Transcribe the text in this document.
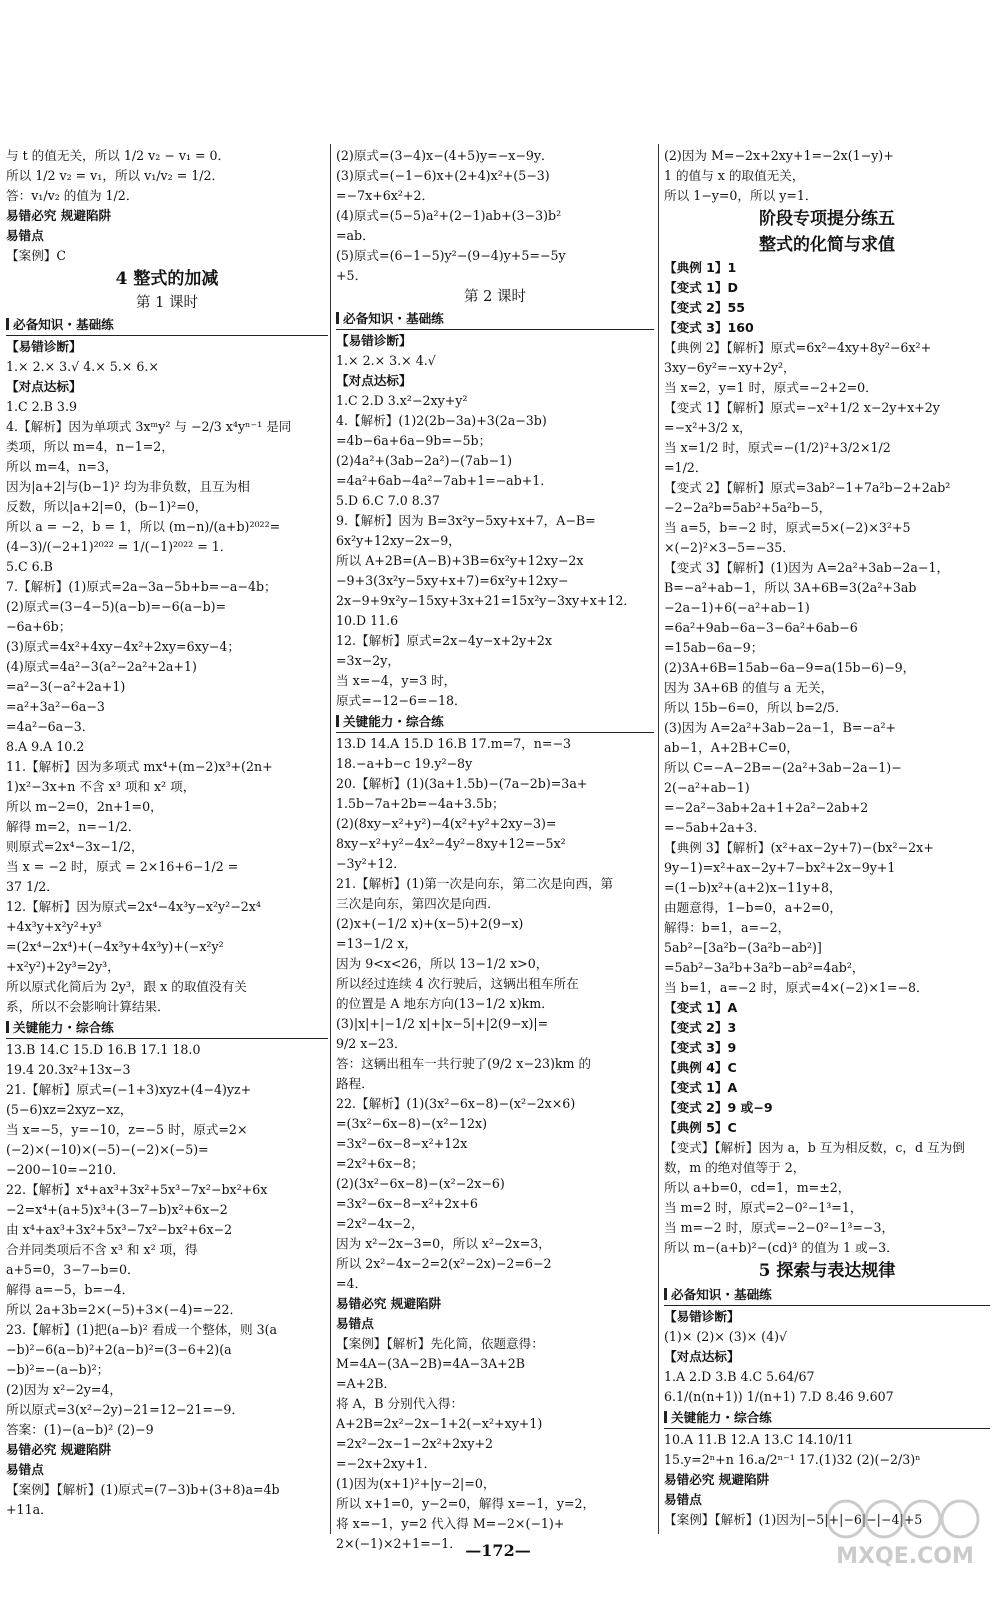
与 t 的值无关，所以 1/2 v₂ − v₁ = 0．
所以 1/2 v₂ = v₁，所以 v₁/v₂ = 1/2．
答：v₁/v₂ 的值为 1/2．
易错必究 规避陷阱
易错点
【案例】C
4 整式的加减
第 1 课时
必备知识・基础练
【易错诊断】
1.× 2.× 3.√ 4.× 5.× 6.×
【对点达标】
1.C 2.B 3.9
4.【解析】因为单项式 3xᵐy² 与 −2/3 x⁴yⁿ⁻¹ 是同
类项，所以 m=4，n−1=2，
所以 m=4，n=3，
因为|a+2|与(b−1)² 均为非负数，且互为相
反数，所以|a+2|=0，(b−1)²=0，
所以 a = −2，b = 1，所以 (m−n)/(a+b)²⁰²²=
(4−3)/(−2+1)²⁰²² = 1/(−1)²⁰²² = 1．
5.C 6.B
7.【解析】(1)原式=2a−3a−5b+b=−a−4b；
(2)原式=(3−4−5)(a−b)=−6(a−b)=
−6a+6b；
(3)原式=4x²+4xy−4x²+2xy=6xy−4；
(4)原式=4a²−3(a²−2a²+2a+1)
=a²−3(−a²+2a+1)
=a²+3a²−6a−3
=4a²−6a−3．
8.A 9.A 10.2
11.【解析】因为多项式 mx⁴+(m−2)x³+(2n+
1)x²−3x+n 不含 x³ 项和 x² 项，
所以 m−2=0，2n+1=0，
解得 m=2，n=−1/2．
则原式=2x⁴−3x−1/2，
当 x = −2 时，原式 = 2×16+6−1/2 =
37 1/2．
12.【解析】因为原式=2x⁴−4x³y−x²y²−2x⁴
+4x³y+x²y²+y³
=(2x⁴−2x⁴)+(−4x³y+4x³y)+(−x²y²
+x²y²)+2y³=2y³，
所以原式化简后为 2y³，跟 x 的取值没有关
系，所以不会影响计算结果．
关键能力・综合练
13.B 14.C 15.D 16.B 17.1 18.0
19.4 20.3x²+13x−3
21.【解析】原式=(−1+3)xyz+(4−4)yz+
(5−6)xz=2xyz−xz，
当 x=−5，y=−10，z=−5 时，原式=2×
(−2)×(−10)×(−5)−(−2)×(−5)=
−200−10=−210．
22.【解析】x⁴+ax³+3x²+5x³−7x²−bx²+6x
−2=x⁴+(a+5)x³+(3−7−b)x²+6x−2
由 x⁴+ax³+3x²+5x³−7x²−bx²+6x−2
合并同类项后不含 x³ 和 x² 项，得
a+5=0，3−7−b=0．
解得 a=−5，b=−4．
所以 2a+3b=2×(−5)+3×(−4)=−22．
23.【解析】(1)把(a−b)² 看成一个整体，则 3(a
−b)²−6(a−b)²+2(a−b)²=(3−6+2)(a
−b)²=−(a−b)²；
(2)因为 x²−2y=4，
所以原式=3(x²−2y)−21=12−21=−9．
答案：(1)−(a−b)² (2)−9
易错必究 规避陷阱
易错点
【案例】【解析】(1)原式=(7−3)b+(3+8)a=4b
+11a．
(2)原式=(3−4)x−(4+5)y=−x−9y．
(3)原式=(−1−6)x+(2+4)x²+(5−3)
=−7x+6x²+2．
(4)原式=(5−5)a²+(2−1)ab+(3−3)b²
=ab．
(5)原式=(6−1−5)y²−(9−4)y+5=−5y
+5．
第 2 课时
必备知识・基础练
【易错诊断】
1.× 2.× 3.× 4.√
【对点达标】
1.C 2.D 3.x²−2xy+y²
4.【解析】(1)2(2b−3a)+3(2a−3b)
=4b−6a+6a−9b=−5b；
(2)4a²+(3ab−2a²)−(7ab−1)
=4a²+6ab−4a²−7ab+1=−ab+1．
5.D 6.C 7.0 8.37
9.【解析】因为 B=3x²y−5xy+x+7，A−B=
6x²y+12xy−2x−9，
所以 A+2B=(A−B)+3B=6x²y+12xy−2x
−9+3(3x²y−5xy+x+7)=6x²y+12xy−
2x−9+9x²y−15xy+3x+21=15x²y−3xy+x+12．
10.D 11.6
12.【解析】原式=2x−4y−x+2y+2x
=3x−2y，
当 x=−4，y=3 时，
原式=−12−6=−18．
关键能力・综合练
13.D 14.A 15.D 16.B 17.m=7，n=−3
18.−a+b−c 19.y²−8y
20.【解析】(1)(3a+1.5b)−(7a−2b)=3a+
1.5b−7a+2b=−4a+3.5b；
(2)(8xy−x²+y²)−4(x²+y²+2xy−3)=
8xy−x²+y²−4x²−4y²−8xy+12=−5x²
−3y²+12．
21.【解析】(1)第一次是向东，第二次是向西，第
三次是向东，第四次是向西．
(2)x+(−1/2 x)+(x−5)+2(9−x)
=13−1/2 x，
因为 9<x<26，所以 13−1/2 x>0，
所以经过连续 4 次行驶后，这辆出租车所在
的位置是 A 地东方向(13−1/2 x)km．
(3)|x|+|−1/2 x|+|x−5|+|2(9−x)|=
9/2 x−23．
答：这辆出租车一共行驶了(9/2 x−23)km 的
路程．
22.【解析】(1)(3x²−6x−8)−(x²−2x×6)
=(3x²−6x−8)−(x²−12x)
=3x²−6x−8−x²+12x
=2x²+6x−8；
(2)(3x²−6x−8)−(x²−2x−6)
=3x²−6x−8−x²+2x+6
=2x²−4x−2，
因为 x²−2x−3=0，所以 x²−2x=3，
所以 2x²−4x−2=2(x²−2x)−2=6−2
=4．
易错必究 规避陷阱
易错点
【案例】【解析】先化简，依题意得：
M=4A−(3A−2B)=4A−3A+2B
=A+2B．
将 A，B 分别代入得：
A+2B=2x²−2x−1+2(−x²+xy+1)
=2x²−2x−1−2x²+2xy+2
=−2x+2xy+1．
(1)因为(x+1)²+|y−2|=0，
所以 x+1=0，y−2=0，解得 x=−1，y=2，
将 x=−1，y=2 代入得 M=−2×(−1)+
2×(−1)×2+1=−1．
(2)因为 M=−2x+2xy+1=−2x(1−y)+
1 的值与 x 的取值无关，
所以 1−y=0，所以 y=1．
阶段专项提分练五
整式的化简与求值
【典例 1】1
【变式 1】D
【变式 2】55
【变式 3】160
【典例 2】【解析】原式=6x²−4xy+8y²−6x²+
3xy−6y²=−xy+2y²，
当 x=2，y=1 时，原式=−2+2=0．
【变式 1】【解析】原式=−x²+1/2 x−2y+x+2y
=−x²+3/2 x，
当 x=1/2 时，原式=−(1/2)²+3/2×1/2
=1/2．
【变式 2】【解析】原式=3ab²−1+7a²b−2+2ab²
−2−2a²b=5ab²+5a²b−5，
当 a=5，b=−2 时，原式=5×(−2)×3²+5
×(−2)²×3−5=−35．
【变式 3】【解析】(1)因为 A=2a²+3ab−2a−1，
B=−a²+ab−1，所以 3A+6B=3(2a²+3ab
−2a−1)+6(−a²+ab−1)
=6a²+9ab−6a−3−6a²+6ab−6
=15ab−6a−9；
(2)3A+6B=15ab−6a−9=a(15b−6)−9，
因为 3A+6B 的值与 a 无关，
所以 15b−6=0，所以 b=2/5．
(3)因为 A=2a²+3ab−2a−1，B=−a²+
ab−1，A+2B+C=0，
所以 C=−A−2B=−(2a²+3ab−2a−1)−
2(−a²+ab−1)
=−2a²−3ab+2a+1+2a²−2ab+2
=−5ab+2a+3．
【典例 3】【解析】(x²+ax−2y+7)−(bx²−2x+
9y−1)=x²+ax−2y+7−bx²+2x−9y+1
=(1−b)x²+(a+2)x−11y+8，
由题意得，1−b=0，a+2=0，
解得：b=1，a=−2，
5ab²−[3a²b−(3a²b−ab²)]
=5ab²−3a²b+3a²b−ab²=4ab²，
当 b=1，a=−2 时，原式=4×(−2)×1=−8．
【变式 1】A
【变式 2】3
【变式 3】9
【典例 4】C
【变式 1】A
【变式 2】9 或−9
【典例 5】C
【变式】【解析】因为 a，b 互为相反数，c，d 互为倒
数，m 的绝对值等于 2，
所以 a+b=0，cd=1，m=±2，
当 m=2 时，原式=2−0²−1³=1，
当 m=−2 时，原式=−2−0²−1³=−3，
所以 m−(a+b)²−(cd)³ 的值为 1 或−3．
5 探索与表达规律
必备知识・基础练
【易错诊断】
(1)× (2)× (3)× (4)√
【对点达标】
1.A 2.D 3.B 4.C 5.64/67
6.1/(n(n+1)) 1/(n+1) 7.D 8.46 9.607
关键能力・综合练
10.A 11.B 12.A 13.C 14.10/11
15.y=2ⁿ+n 16.a/2ⁿ⁻¹ 17.(1)32 (2)(−2/3)ⁿ
易错必究 规避陷阱
易错点
【案例】【解析】(1)因为|−5|+|−6|−|−4|+5
—172—	MXQE.COM
